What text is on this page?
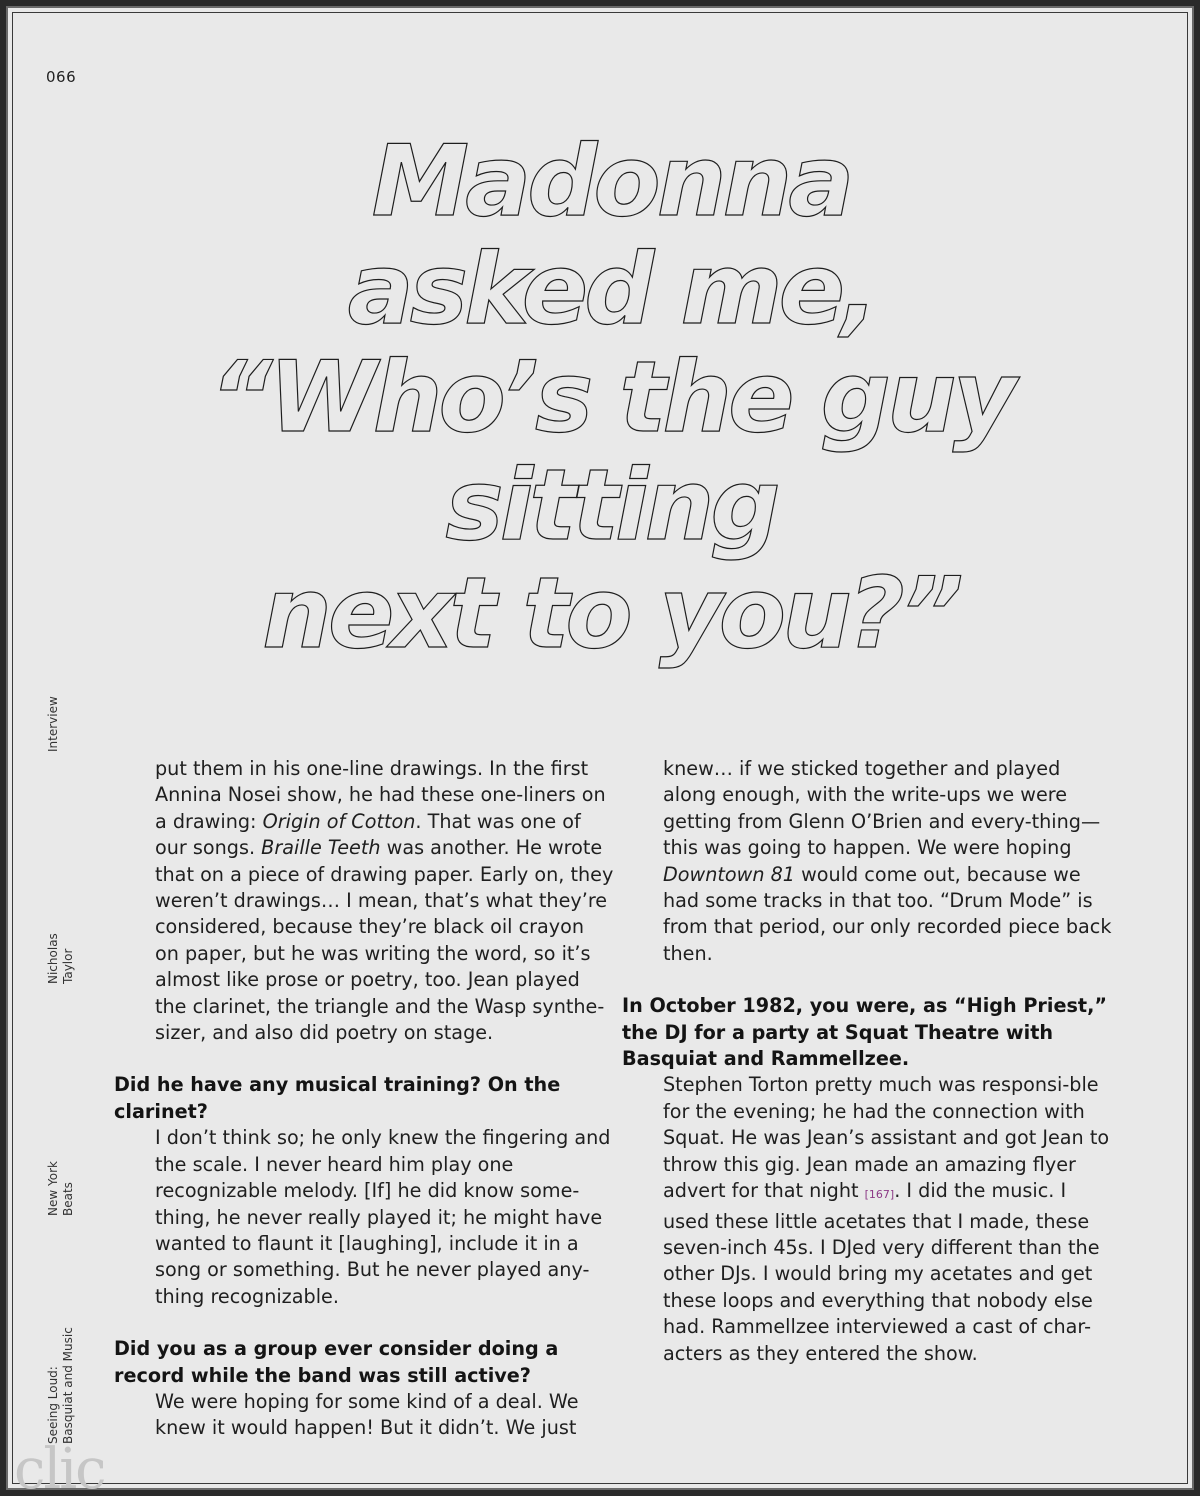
066
Madonna
asked me,
“Who’s the guy
sitting
next to you?”
Interview
Nicholas Taylor
New York Beats
Seeing Loud: Basquiat and Music

put them in his one-line drawings. In the first Annina Nosei show, he had these one-liners on a drawing: Origin of Cotton. That was one of our songs. Braille Teeth was another. He wrote that on a piece of drawing paper. Early on, they weren’t drawings… I mean, that’s what they’re considered, because they’re black oil crayon on paper, but he was writing the word, so it’s almost like prose or poetry, too. Jean played the clarinet, the triangle and the Wasp synthe-sizer, and also did poetry on stage.

Did he have any musical training? On the clarinet?

I don’t think so; he only knew the fingering and the scale. I never heard him play one recognizable melody. [If] he did know some-thing, he never really played it; he might have wanted to flaunt it [laughing], include it in a song or something. But he never played any-thing recognizable.

Did you as a group ever consider doing a record while the band was still active?

We were hoping for some kind of a deal. We knew it would happen! But it didn’t. We just

knew… if we sticked together and played along enough, with the write-ups we were getting from Glenn O’Brien and every-thing—this was going to happen. We were hoping Downtown 81 would come out, because we had some tracks in that too. “Drum Mode” is from that period, our only recorded piece back then.

In October 1982, you were, as “High Priest,” the DJ for a party at Squat Theatre with Basquiat and Rammellzee.

Stephen Torton pretty much was responsi-ble for the evening; he had the connection with Squat. He was Jean’s assistant and got Jean to throw this gig. Jean made an amazing flyer advert for that night [167]. I did the music. I used these little acetates that I made, these seven-inch 45s. I DJed very different than the other DJs. I would bring my acetates and get these loops and everything that nobody else had. Rammellzee interviewed a cast of char-acters as they entered the show.

clic
